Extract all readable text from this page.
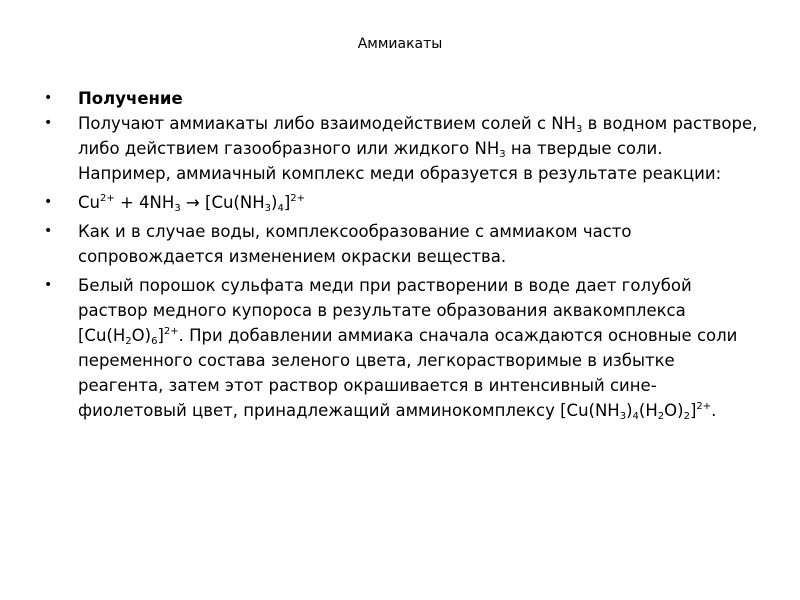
Аммиакаты
• Получение
• Получают аммиакаты либо взаимодействием солей с $NH_3$ в водном растворе, либо действием газообразного или жидкого $NH_3$ на твердые соли. Например, аммиачный комплекс меди образуется в результате реакции:
• $Cu^{2+} + 4NH_3 \to [Cu(NH_3)_4]^{2+}$
• Как и в случае воды, комплексообразование с аммиаком часто сопровождается изменением окраски вещества.
• Белый порошок сульфата меди при растворении в воде дает голубой раствор медного купороса в результате образования аквакомплекса $[Cu(H_2O)_6]^{2+}$. При добавлении аммиака сначала осаждаются основные соли переменного состава зеленого цвета, легкорастворимые в избытке реагента, затем этот раствор окрашивается в интенсивный сине-фиолетовый цвет, принадлежащий амминокомплексу $[Cu(NH_3)_4(H_2O)_2]^{2+}$.
